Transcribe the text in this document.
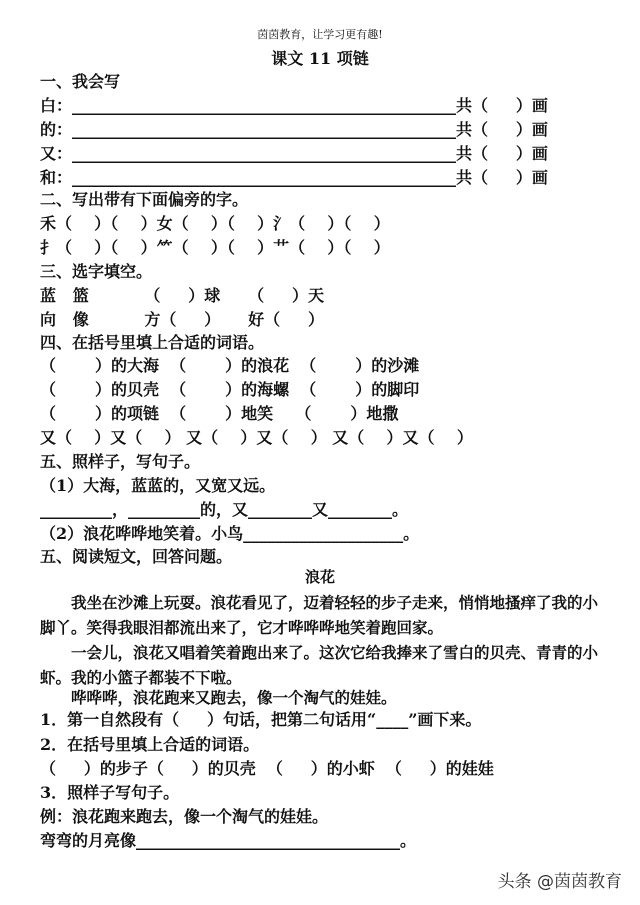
茵茵教育，让学习更有趣!
课文 11 项链
一、我会写
白：________________________________________________共（     ）画
的：________________________________________________共（     ）画
又：________________________________________________共（     ）画
和：________________________________________________共（     ）画
二、写出带有下面偏旁的字。
禾（    ）（    ）女（    ）（    ）氵（    ）（    ）
扌（    ）（    ）⺮（    ）（    ）艹（    ）（    ）
三、选字填空。
蓝   篮          （     ）球     （     ）天
向   像          方（     ）     好（     ）
四、在括号里填上合适的词语。
（       ）的大海  （       ）的浪花  （       ）的沙滩
（       ）的贝壳  （       ）的海螺  （       ）的脚印
（       ）的项链  （       ）地笑    （       ）地撒
又（    ）又（    ） 又（    ）又（    ） 又（    ）又（    ）
五、照样子，写句子。
（1）大海，蓝蓝的，又宽又远。
_________，_________的，又________又________。
（2）浪花哗哗地笑着。小鸟____________________。
五、阅读短文，回答问题。
浪花
我坐在沙滩上玩耍。浪花看见了，迈着轻轻的步子走来，悄悄地搔痒了我的小脚丫。笑得我眼泪都流出来了，它才哗哗哗地笑着跑回家。
一会儿，浪花又唱着笑着跑出来了。这次它给我捧来了雪白的贝壳、青青的小虾。我的小篮子都装不下啦。
哗哗哗，浪花跑来又跑去，像一个淘气的娃娃。
1．第一自然段有（     ）句话，把第二句话用“____”画下来。
2．在括号里填上合适的词语。
（     ）的步子（     ）的贝壳  （     ）的小虾  （     ）的娃娃
3．照样子写句子。
例：浪花跑来跑去，像一个淘气的娃娃。
弯弯的月亮像_________________________________。
头条 @茵茵教育
